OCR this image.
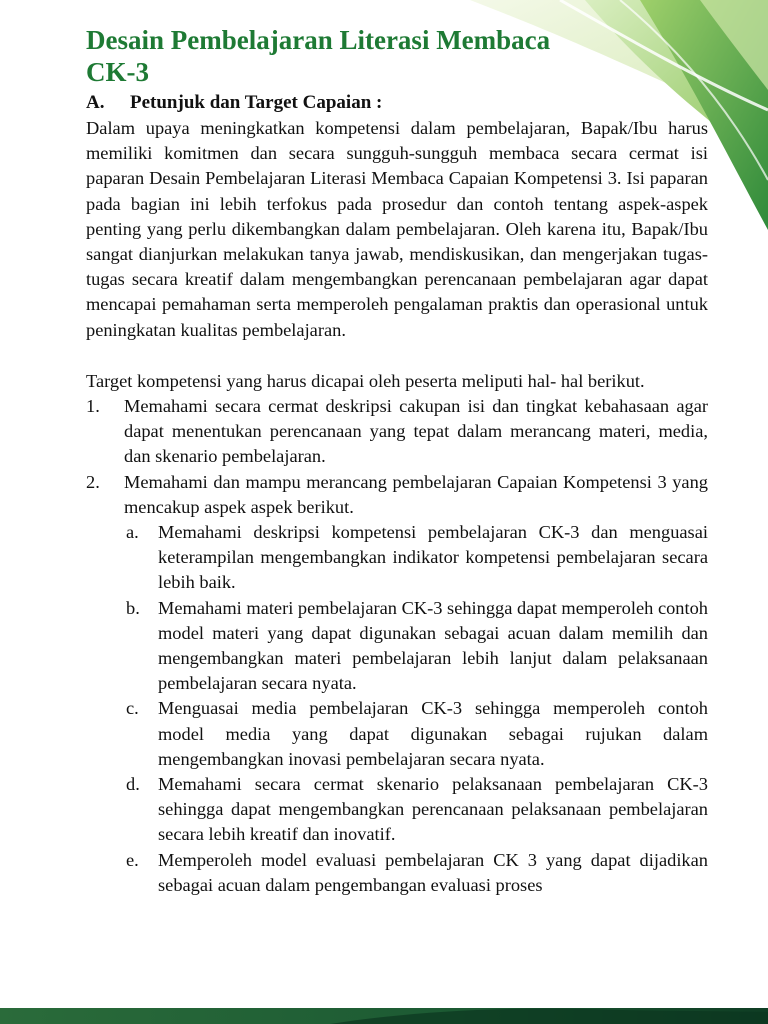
Desain Pembelajaran Literasi Membaca
CK-3
A.	Petunjuk dan Target Capaian :

Dalam upaya meningkatkan kompetensi dalam pembelajaran, Bapak/Ibu harus memiliki komitmen dan secara sungguh-sungguh membaca secara cermat isi paparan Desain Pembelajaran Literasi Membaca Capaian Kompetensi 3. Isi paparan pada bagian ini lebih terfokus pada prosedur dan contoh tentang aspek-aspek penting yang perlu dikembangkan dalam pembelajaran. Oleh karena itu, Bapak/Ibu sangat dianjurkan melakukan tanya jawab, mendiskusikan, dan mengerjakan tugas-tugas secara kreatif dalam mengembangkan perencanaan pembelajaran agar dapat mencapai pemahaman serta memperoleh pengalaman praktis dan operasional untuk peningkatan kualitas pembelajaran.

Target kompetensi yang harus dicapai oleh peserta meliputi hal- hal berikut.

1.	Memahami secara cermat deskripsi cakupan isi dan tingkat kebahasaan agar dapat menentukan perencanaan yang tepat dalam merancang materi, media, dan skenario pembelajaran.
2.	Memahami dan mampu merancang pembelajaran Capaian Kompetensi 3 yang mencakup aspek aspek berikut.
a.	Memahami deskripsi kompetensi pembelajaran CK-3 dan menguasai keterampilan mengembangkan indikator kompetensi pembelajaran secara lebih baik.
b. Memahami materi pembelajaran CK-3 sehingga dapat memperoleh contoh model materi yang dapat digunakan sebagai acuan dalam memilih dan mengembangkan materi pembelajaran lebih lanjut dalam pelaksanaan pembelajaran secara nyata.
c.	Menguasai media pembelajaran CK-3 sehingga memperoleh contoh model media yang dapat digunakan sebagai rujukan dalam mengembangkan inovasi pembelajaran secara nyata.
d. Memahami secara cermat skenario pelaksanaan pembelajaran CK-3 sehingga dapat mengembangkan perencanaan pelaksanaan pembelajaran secara lebih kreatif dan inovatif.
e.	Memperoleh model evaluasi pembelajaran CK 3 yang dapat dijadikan sebagai acuan dalam pengembangan evaluasi proses
